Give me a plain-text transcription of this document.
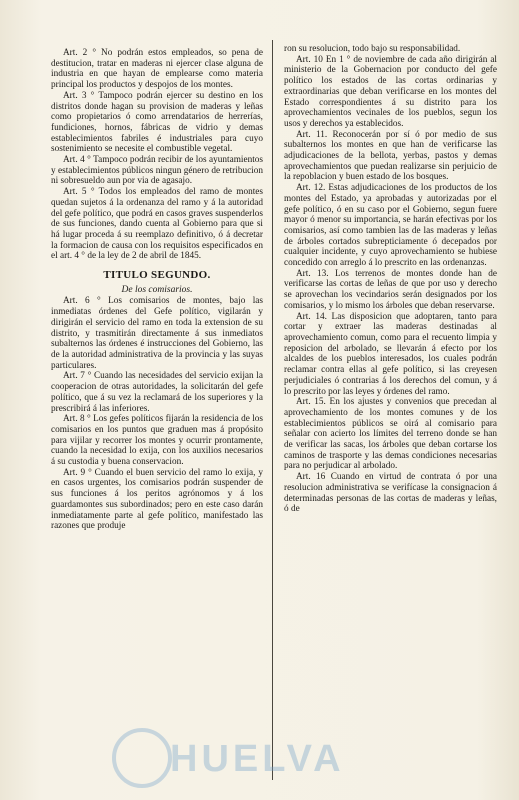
Art. 2 ° No podrán estos empleados, so pena de destitucion, tratar en maderas ni ejercer clase alguna de industria en que hayan de emplearse como materia principal los productos y despojos de los montes.

Art. 3 ° Tampoco podrán ejercer su destino en los distritos donde hagan su provision de maderas y leñas como propietarios ó como arrendatarios de herrerías, fundiciones, hornos, fábricas de vidrio y demas establecimientos fabriles é industriales para cuyo sostenimiento se necesite el combustible vegetal.

Art. 4 ° Tampoco podrán recibir de los ayuntamientos y establecimientos públicos ningun género de retribucion ni sobresueldo aun por via de agasajo.

Art. 5 ° Todos los empleados del ramo de montes quedan sujetos á la ordenanza del ramo y á la autoridad del gefe político, que podrá en casos graves suspenderlos de sus funciones, dando cuenta al Gobierno para que si há lugar proceda á su reemplazo definitivo, ó á decretar la formacion de causa con los requisitos especificados en el art. 4 ° de la ley de 2 de abril de 1845.

TITULO SEGUNDO.
De los comisarios.

Art. 6 ° Los comisarios de montes, bajo las inmediatas órdenes del Gefe político, vigilarán y dirigirán el servicio del ramo en toda la extension de su distrito, y trasmitirán directamente á sus inmediatos subalternos las órdenes é instrucciones del Gobierno, las de la autoridad administrativa de la provincia y las suyas particulares.

Art. 7 ° Cuando las necesidades del servicio exijan la cooperacion de otras autoridades, la solicitarán del gefe político, que á su vez la reclamará de los superiores y la prescribirá á las inferiores.

Art. 8 ° Los gefes políticos fijarán la residencia de los comisarios en los puntos que graduen mas á propósito para vijilar y recorrer los montes y ocurrir prontamente, cuando la necesidad lo exija, con los auxilios necesarios á su custodia y buena conservacion.

Art. 9 ° Cuando el buen servicio del ramo lo exija, y en casos urgentes, los comisarios podrán suspender de sus funciones á los peritos agrónomos y á los guardamontes sus subordinados; pero en este caso darán inmediatamente parte al gefe político, manifestado las razones que produje

ron su resolucion, todo bajo su responsabilidad.

Art. 10 En 1 ° de noviembre de cada año dirigirán al ministerio de la Gobernacion por conducto del gefe político los estados de las cortas ordinarias y extraordinarias que deban verificarse en los montes del Estado correspondientes á su distrito para los aprovechamientos vecinales de los pueblos, segun los usos y derechos ya establecidos.

Art. 11. Reconocerán por sí ó por medio de sus subalternos los montes en que han de verificarse las adjudicaciones de la bellota, yerbas, pastos y demas aprovechamientos que puedan realizarse sin perjuicio de la repoblacion y buen estado de los bosques.

Art. 12. Estas adjudicaciones de los productos de los montes del Estado, ya aprobadas y autorizadas por el gefe político, ó en su caso por el Gobierno, segun fuere mayor ó menor su importancia, se harán efectivas por los comisarios, así como tambien las de las maderas y leñas de árboles cortados subrepticiamente ó decepados por cualquier incidente, y cuyo aprovechamiento se hubiese concedido con arreglo á lo prescrito en las ordenanzas.

Art. 13. Los terrenos de montes donde han de verificarse las cortas de leñas de que por uso y derecho se aprovechan los vecindarios serán designados por los comisarios, y lo mismo los árboles que deban reservarse.

Art. 14. Las disposicion que adoptaren, tanto para cortar y extraer las maderas destinadas al aprovechamiento comun, como para el recuento limpia y reposicion del arbolado, se llevarán á efecto por los alcaldes de los pueblos interesados, los cuales podrán reclamar contra ellas al gefe político, si las creyesen perjudiciales ó contrarias á los derechos del comun, y á lo prescrito por las leyes y órdenes del ramo.

Art. 15. En los ajustes y convenios que precedan al aprovechamiento de los montes comunes y de los establecimientos públicos se oirá al comisario para señalar con acierto los límites del terreno donde se han de verificar las sacas, los árboles que deban cortarse los caminos de trasporte y las demas condiciones necesarias para no perjudicar al arbolado.

Art. 16 Cuando en virtud de contrata ó por una resolucion administrativa se verifícase la consignacion á determinadas personas de las cortas de maderas y leñas, ó de

HUELVA
